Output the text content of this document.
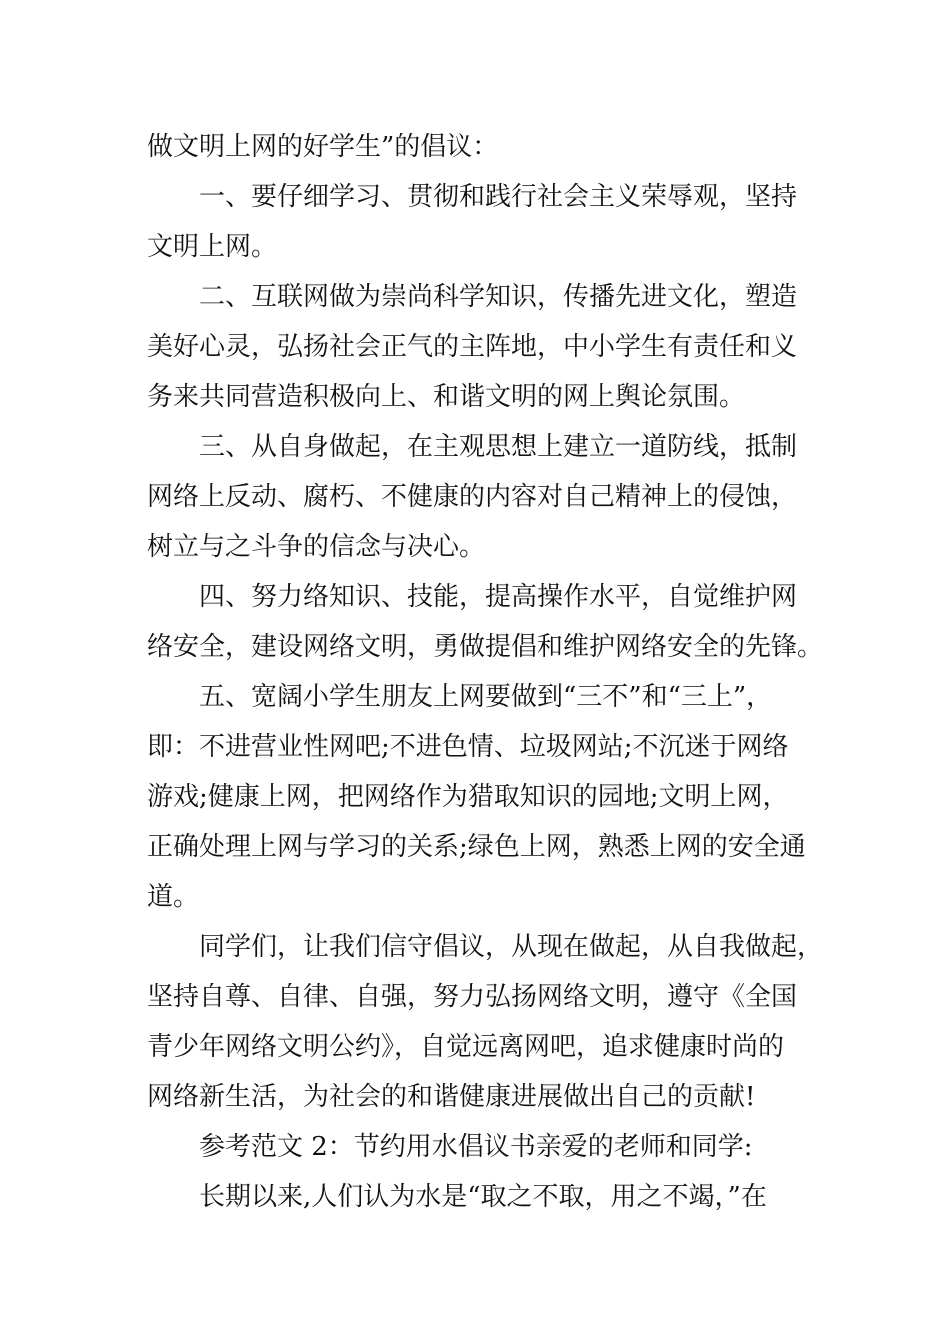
做文明上网的好学生”的倡议：

一、要仔细学习、贯彻和践行社会主义荣辱观，坚持

文明上网。

二、互联网做为崇尚科学知识，传播先进文化，塑造

美好心灵，弘扬社会正气的主阵地，中小学生有责任和义

务来共同营造积极向上、和谐文明的网上舆论氛围。

三、从自身做起，在主观思想上建立一道防线，抵制

网络上反动、腐朽、不健康的内容对自己精神上的侵蚀，

树立与之斗争的信念与决心。

四、努力络知识、技能，提高操作水平，自觉维护网

络安全，建设网络文明，勇做提倡和维护网络安全的先锋。

五、宽阔小学生朋友上网要做到“三不”和“三上”，

即：不进营业性网吧;不进色情、垃圾网站;不沉迷于网络

游戏;健康上网，把网络作为猎取知识的园地;文明上网，

正确处理上网与学习的关系;绿色上网，熟悉上网的安全通

道。

同学们，让我们信守倡议，从现在做起，从自我做起，

坚持自尊、自律、自强，努力弘扬网络文明，遵守《全国

青少年网络文明公约》，自觉远离网吧，追求健康时尚的

网络新生活，为社会的和谐健康进展做出自己的贡献!

参考范文 2：节约用水倡议书亲爱的老师和同学:

长期以来,人们认为水是“取之不取，用之不竭，”在
